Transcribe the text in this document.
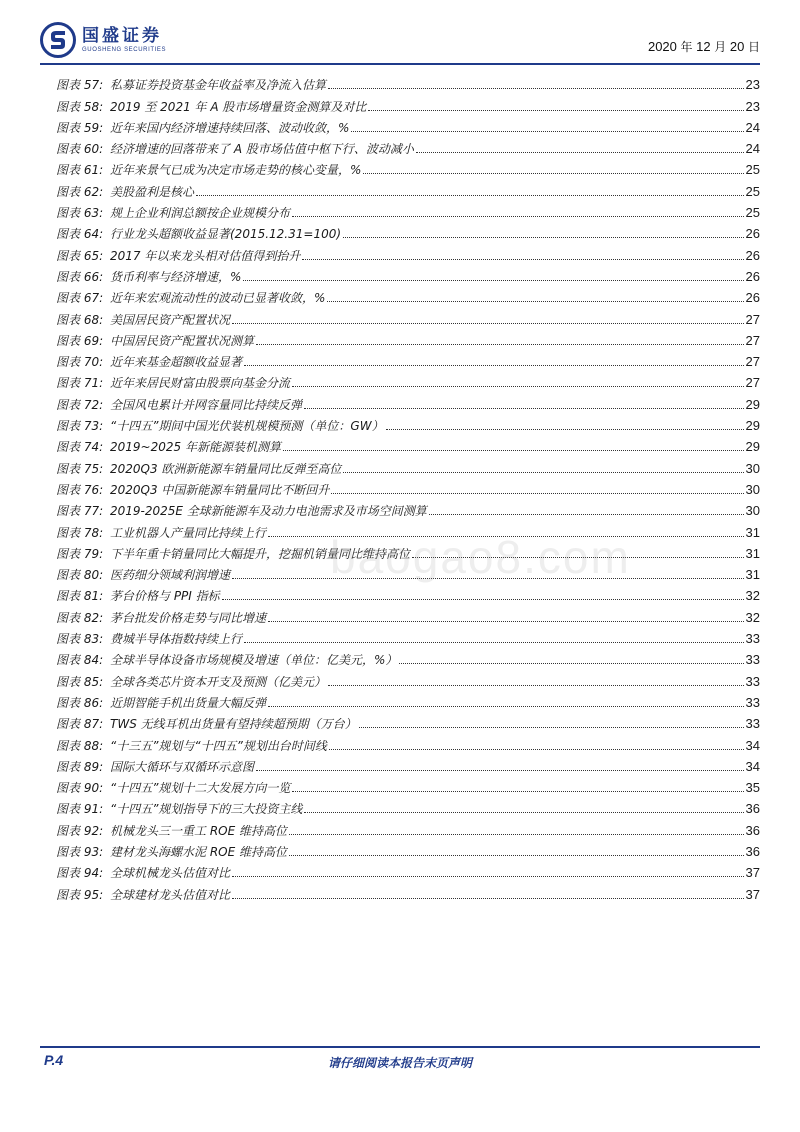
国盛证券
GUOSHENG SECURITIES	2020 年 12 月 20 日
图表 57: 私募证券投资基金年收益率及净流入估算	23
图表 58: 2019 至 2021 年 A 股市场增量资金测算及对比	23
图表 59: 近年来国内经济增速持续回落、波动收敛，%	24
图表 60: 经济增速的回落带来了 A 股市场估值中枢下行、波动减小	24
图表 61: 近年来景气已成为决定市场走势的核心变量，%	25
图表 62: 美股盈利是核心	25
图表 63: 规上企业利润总额按企业规模分布	25
图表 64: 行业龙头超额收益显著(2015.12.31=100)	26
图表 65: 2017 年以来龙头相对估值得到抬升	26
图表 66: 货币利率与经济增速，%	26
图表 67: 近年来宏观流动性的波动已显著收敛，%	26
图表 68: 美国居民资产配置状况	27
图表 69: 中国居民资产配置状况测算	27
图表 70: 近年来基金超额收益显著	27
图表 71: 近年来居民财富由股票向基金分流	27
图表 72: 全国风电累计并网容量同比持续反弹	29
图表 73: “十四五”期间中国光伏装机规模预测（单位：GW）	29
图表 74: 2019~2025 年新能源装机测算	29
图表 75: 2020Q3 欧洲新能源车销量同比反弹至高位	30
图表 76: 2020Q3 中国新能源车销量同比不断回升	30
图表 77: 2019-2025E 全球新能源车及动力电池需求及市场空间测算	30
图表 78: 工业机器人产量同比持续上行	31
图表 79: 下半年重卡销量同比大幅提升，挖掘机销量同比维持高位	31
图表 80: 医药细分领域利润增速	31
图表 81: 茅台价格与 PPI 指标	32
图表 82: 茅台批发价格走势与同比增速	32
图表 83: 费城半导体指数持续上行	33
图表 84: 全球半导体设备市场规模及增速（单位：亿美元，%）	33
图表 85: 全球各类芯片资本开支及预测（亿美元）	33
图表 86: 近期智能手机出货量大幅反弹	33
图表 87: TWS 无线耳机出货量有望持续超预期（万台）	33
图表 88: “十三五”规划与“十四五”规划出台时间线	34
图表 89: 国际大循环与双循环示意图	34
图表 90: “十四五”规划十二大发展方向一览	35
图表 91: “十四五”规划指导下的三大投资主线	36
图表 92: 机械龙头三一重工 ROE 维持高位	36
图表 93: 建材龙头海螺水泥 ROE 维持高位	36
图表 94: 全球机械龙头估值对比	37
图表 95: 全球建材龙头估值对比	37
baogao8.com
P.4	请仔细阅读本报告末页声明
